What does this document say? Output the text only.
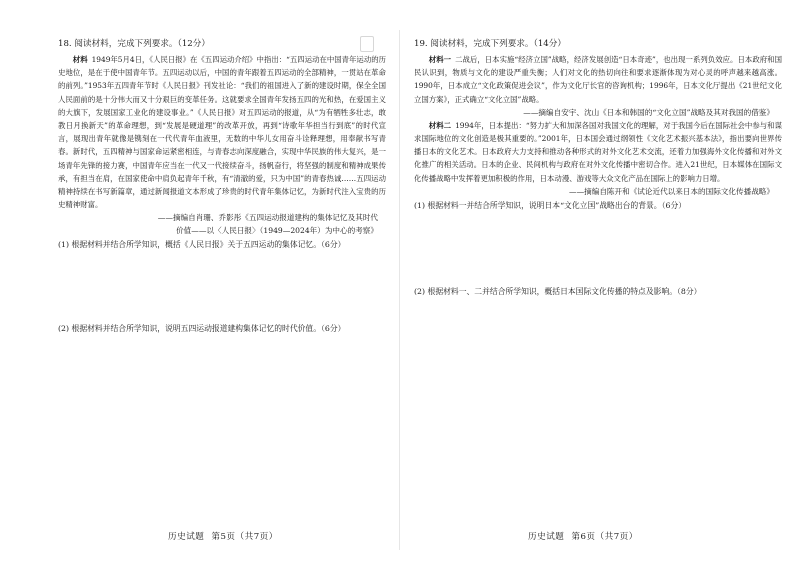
18. 阅读材料，完成下列要求。（12分）

材料 1949年5月4日，《人民日报》在《五四运动介绍》中指出：“五四运动在中国青年运动的历史地位，是在于使中国青年节。五四运动以后，中国的青年跟着五四运动的全部精神，一贯站在革命的前列。”1953年五四青年节时《人民日报》刊发社论：“我们的祖国进入了新的建设时期，保全全国人民面前的是十分伟大而又十分艰巨的变革任务。这就要求全国青年发扬五四的光和热，在爱国主义的大旗下，发展国家工业化的建设事业。”《人民日报》对五四运动的报道，从“为有牺牲多壮志，敢教日月换新天”的革命理想，到“发展是硬道理”的改革开放，再到“诗歌年华担当行到底”的时代宣言，展现出青年就像是镌刻在一代代青年血液里，无数的中华儿女用奋斗诠释理想，用奉献书写青春。新时代，五四精神与国家命运紧密相连，与青春志向深度融合，实现中华民族的伟大复兴，是一场青年先锋的接力赛，中国青年应当在一代又一代接续奋斗，扬帆奋行，将坚强的制度和精神成果传承，有担当在肩，在国家使命中肩负起青年千秋，有“清澈的爱，只为中国”的青春热诚……五四运动精神持续在书写新篇章，通过新闻报道文本形成了珍贵的时代青年集体记忆，为新时代注入宝贵的历史精神财富。

——摘编自肖珊、乔影彤《五四运动报道建构的集体记忆及其时代
价值——以〈人民日报〉（1949—2024年）为中心的考察》
(1) 根据材料并结合所学知识，概括《人民日报》关于五四运动的集体记忆。（6分）
(2) 根据材料并结合所学知识，说明五四运动报道建构集体记忆的时代价值。（6分）
19. 阅读材料，完成下列要求。（14分）

材料一 二战后，日本实施“经济立国”战略，经济发展创造“日本奇迹”，也出现一系列负效应。日本政府和国民认识到，物质与文化的建设严重失衡；人们对文化的热切向往和要求逐渐体现为对心灵的呼声越来越高涨。1990年，日本成立“文化政策促进会议”，作为文化厅长官的咨询机构；1996年，日本文化厅提出《21世纪文化立国方案》，正式确立“文化立国”战略。

——摘编自安宇、沈山《日本和韩国的“文化立国”战略及其对我国的借鉴》

材料二 1994年，日本提出：“努力扩大和加深各国对我国文化的理解，对于我国今后在国际社会中参与和谋求国际地位的文化创造是极其重要的。”2001年，日本国会通过纲领性《文化艺术振兴基本法》，指出要向世界传播日本的文化艺术。日本政府大力支持和推动各种形式的对外文化艺术交流，还着力加强海外文化传播和对外文化推广的相关活动。日本的企业、民间机构与政府在对外文化传播中密切合作。进入21世纪，日本媒体在国际文化传播战略中发挥着更加积极的作用，日本动漫、游戏等大众文化产品在国际上的影响力日增。

——摘编自陈开和《试论近代以来日本的国际文化传播战略》
(1) 根据材料一并结合所学知识，说明日本“文化立国”战略出台的背景。（6分）
(2) 根据材料一、二并结合所学知识，概括日本国际文化传播的特点及影响。（8分）
历史试题 第5页（共7页）	历史试题 第6页（共7页）
